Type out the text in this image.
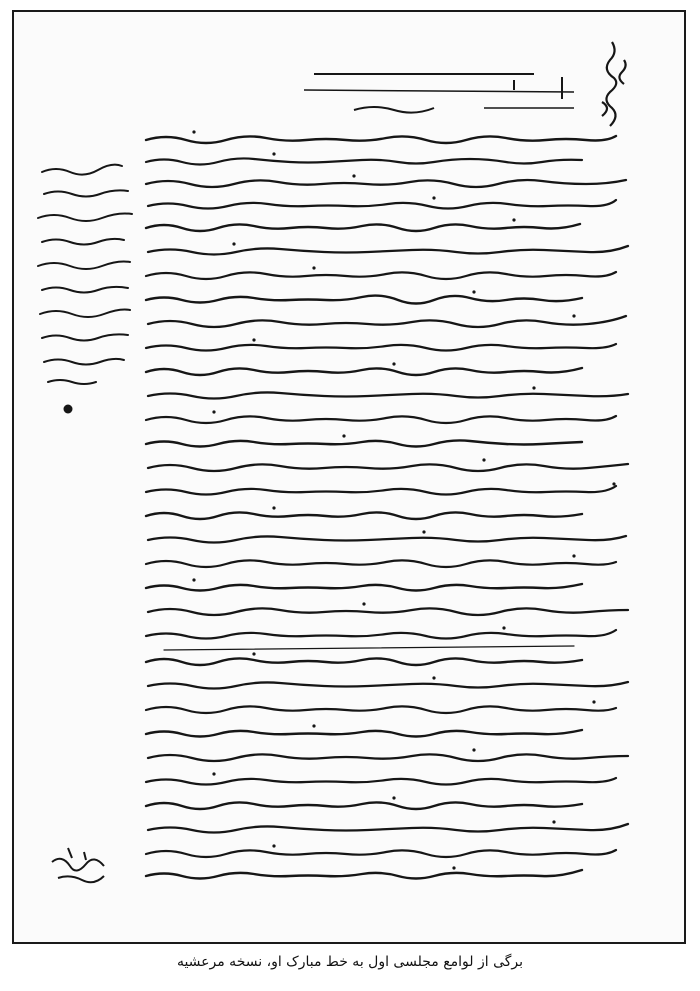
برگی از لوامع مجلسی اول به خط مبارک او، نسخه مرعشیه
